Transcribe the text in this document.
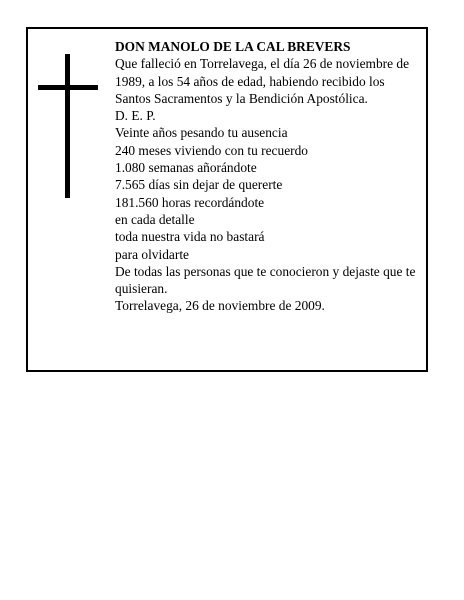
DON MANOLO DE LA CAL BREVERS
Que falleció en Torrelavega, el día 26 de noviembre de 1989, a los 54 años de edad, habiendo recibido los Santos Sacramentos y la Bendición Apostólica.
D. E. P.
Veinte años pesando tu ausencia
240 meses viviendo con tu recuerdo
1.080 semanas añorándote
7.565 días sin dejar de quererte
181.560 horas recordándote
en cada detalle
toda nuestra vida no bastará
para olvidarte
De todas las personas que te conocieron y dejaste que te quisieran.
Torrelavega, 26 de noviembre de 2009.
